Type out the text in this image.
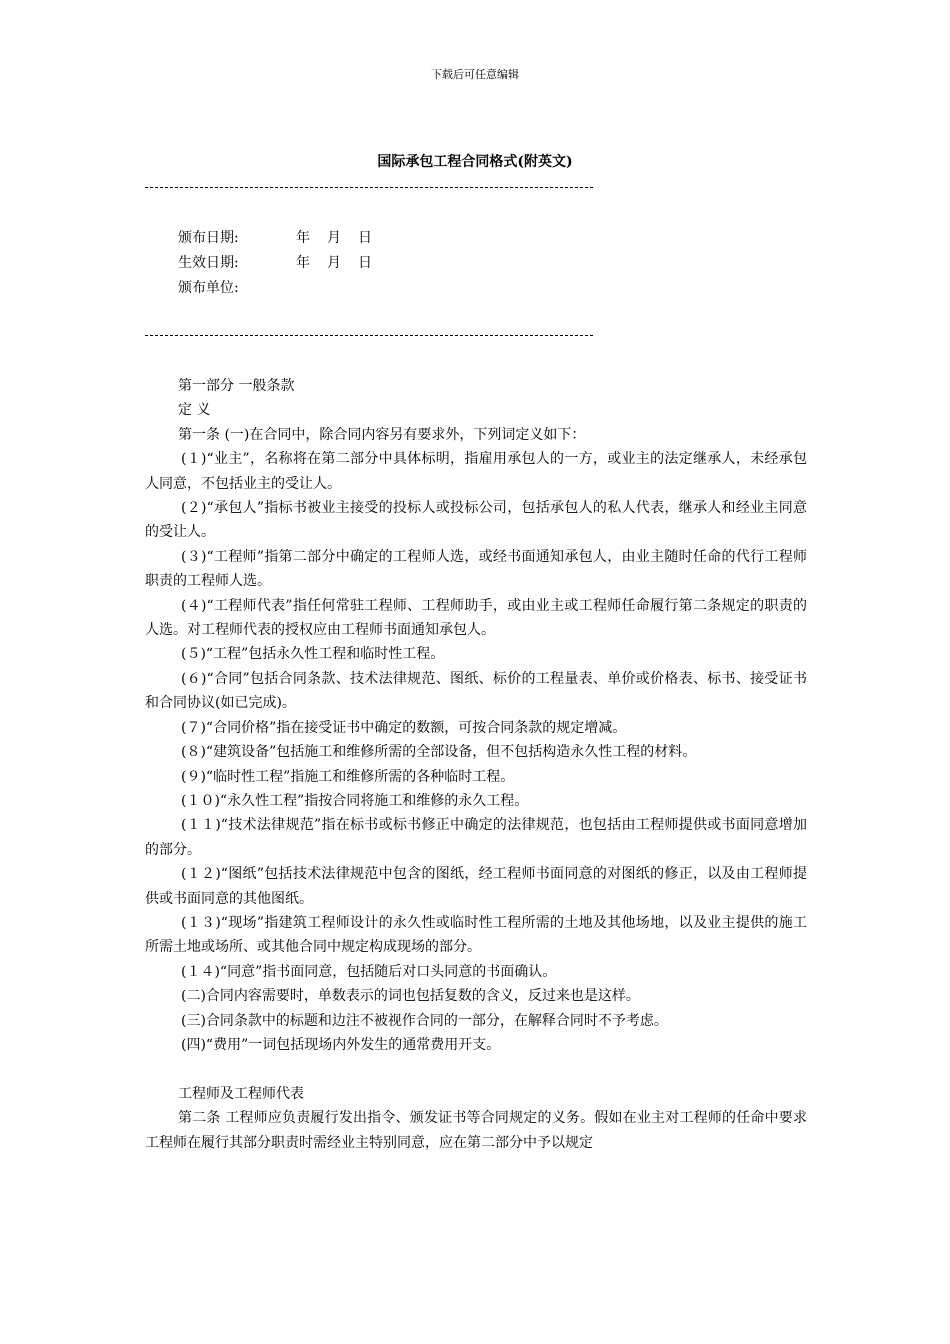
下载后可任意编辑
国际承包工程合同格式(附英文)
颁布日期:	年 月 日
生效日期:	年 月 日
颁布单位:

第一部分 一般条款

定 义

第一条 (一)在合同中，除合同内容另有要求外，下列词定义如下：

(１)“业主”，名称将在第二部分中具体标明，指雇用承包人的一方，或业主的法定继承人，未经承包人同意，不包括业主的受让人。

(２)“承包人”指标书被业主接受的投标人或投标公司，包括承包人的私人代表，继承人和经业主同意的受让人。

(３)“工程师”指第二部分中确定的工程师人选，或经书面通知承包人，由业主随时任命的代行工程师职责的工程师人选。

(４)“工程师代表”指任何常驻工程师、工程师助手，或由业主或工程师任命履行第二条规定的职责的人选。对工程师代表的授权应由工程师书面通知承包人。

(５)“工程”包括永久性工程和临时性工程。

(６)“合同”包括合同条款、技术法律规范、图纸、标价的工程量表、单价或价格表、标书、接受证书和合同协议(如已完成)。

(７)“合同价格”指在接受证书中确定的数额，可按合同条款的规定增减。

(８)“建筑设备”包括施工和维修所需的全部设备，但不包括构造永久性工程的材料。

(９)“临时性工程”指施工和维修所需的各种临时工程。

(１０)“永久性工程”指按合同将施工和维修的永久工程。

(１１)“技术法律规范”指在标书或标书修正中确定的法律规范，也包括由工程师提供或书面同意增加的部分。

(１２)“图纸”包括技术法律规范中包含的图纸，经工程师书面同意的对图纸的修正，以及由工程师提供或书面同意的其他图纸。

(１３)“现场”指建筑工程师设计的永久性或临时性工程所需的土地及其他场地，以及业主提供的施工所需土地或场所、或其他合同中规定构成现场的部分。

(１４)“同意”指书面同意，包括随后对口头同意的书面确认。

(二)合同内容需要时，单数表示的词也包括复数的含义，反过来也是这样。

(三)合同条款中的标题和边注不被视作合同的一部分，在解释合同时不予考虑。

(四)“费用”一词包括现场内外发生的通常费用开支。

工程师及工程师代表

第二条 工程师应负责履行发出指令、颁发证书等合同规定的义务。假如在业主对工程师的任命中要求工程师在履行其部分职责时需经业主特别同意，应在第二部分中予以规定
